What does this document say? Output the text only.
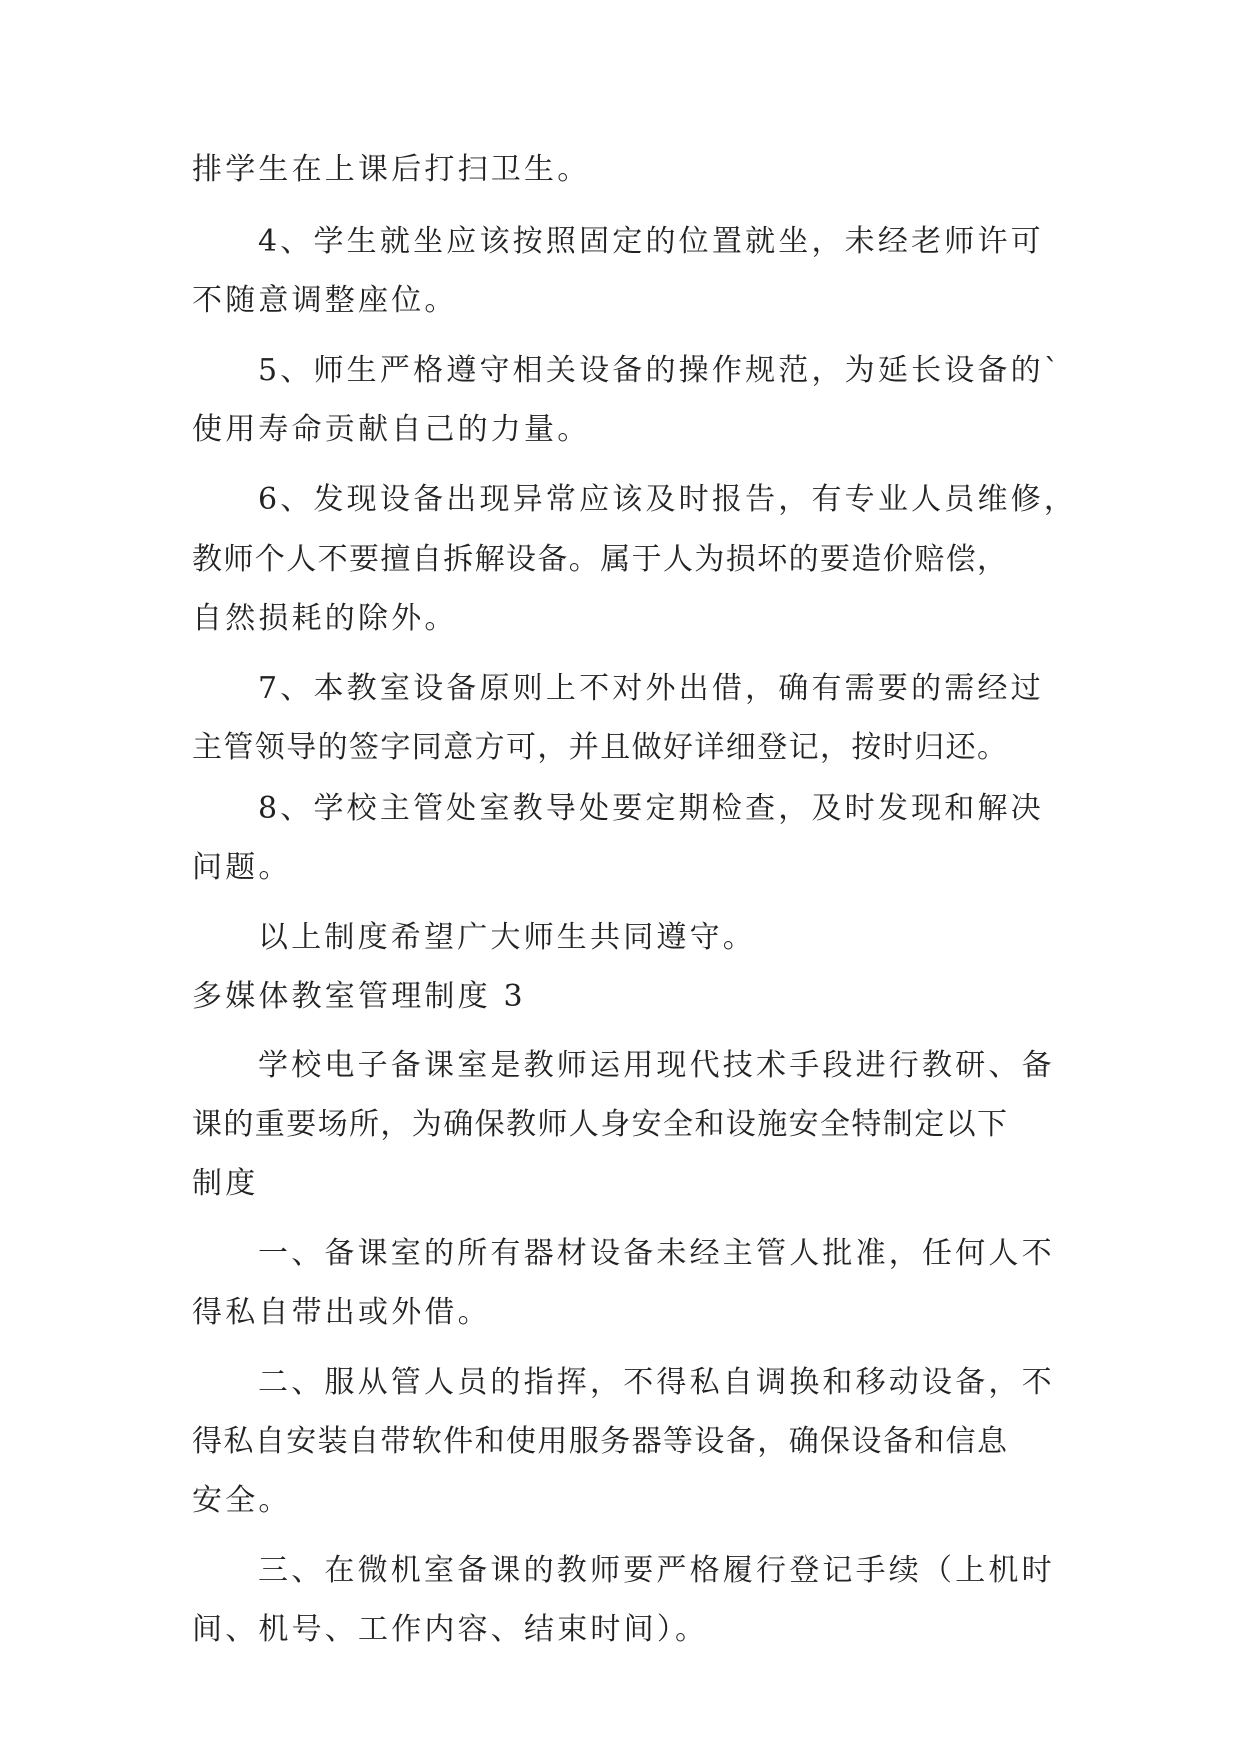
排学生在上课后打扫卫生。
4、学生就坐应该按照固定的位置就坐，未经老师许可
不随意调整座位。
5、师生严格遵守相关设备的操作规范，为延长设备的`
使用寿命贡献自己的力量。
6、发现设备出现异常应该及时报告，有专业人员维修，
教师个人不要擅自拆解设备。属于人为损坏的要造价赔偿，
自然损耗的除外。
7、本教室设备原则上不对外出借，确有需要的需经过
主管领导的签字同意方可，并且做好详细登记，按时归还。
8、学校主管处室教导处要定期检查，及时发现和解决
问题。
以上制度希望广大师生共同遵守。
多媒体教室管理制度 3
学校电子备课室是教师运用现代技术手段进行教研、备
课的重要场所，为确保教师人身安全和设施安全特制定以下
制度
一、备课室的所有器材设备未经主管人批准，任何人不
得私自带出或外借。
二、服从管人员的指挥，不得私自调换和移动设备，不
得私自安装自带软件和使用服务器等设备，确保设备和信息
安全。
三、在微机室备课的教师要严格履行登记手续（上机时
间、机号、工作内容、结束时间）。
